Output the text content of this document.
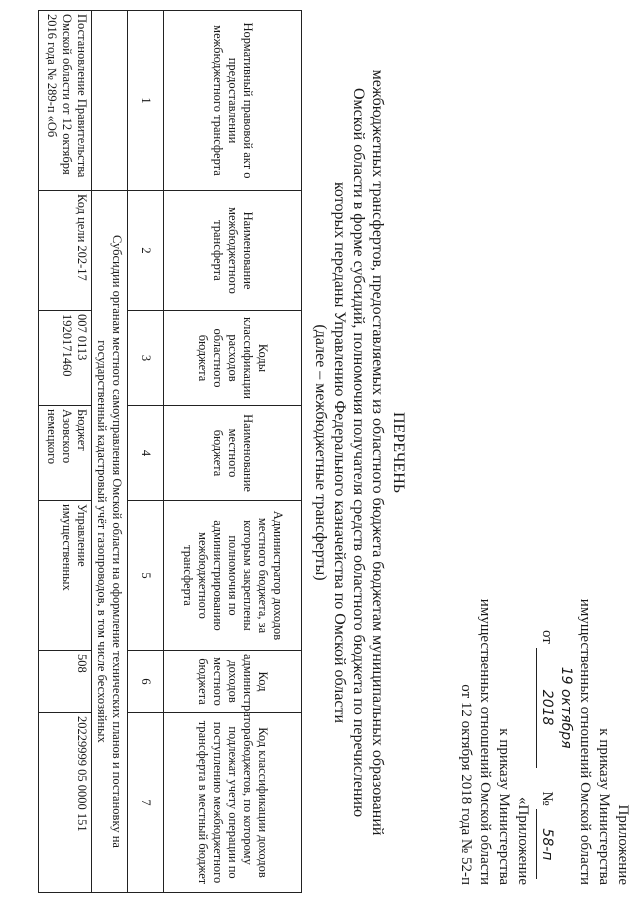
Приложение
к приказу Министерства
имущественных отношений Омской области
от 19 октября 2018 № 58-п
«Приложение
к приказу Министерства
имущественных отношений Омской области
от 12 октября 2018 года № 52-п
ПЕРЕЧЕНЬ
межбюджетных трансфертов, предоставляемых из областного бюджета бюджетам муниципальных образований
Омской области в форме субсидий, полномочия получателя средств областного бюджета по перечислению
которых переданы Управлению Федерального казначейства по Омской области
(далее – межбюджетные трансферты)
Нормативный правовой акт о предоставлении межбюджетного трансферта	Наименование межбюджетного трансферта	Коды классификации расходов областного бюджета	Наименование местного бюджета	Администратор доходов местного бюджета, за которым закреплены полномочия по администрированию межбюджетного трансферта	Код администратора доходов местного бюджета	Код классификации доходов бюджетов, по которому подлежат учету операции по поступлению межбюджетного трансферта в местный бюджет
1	2	3	4	5	6	7
	Субсидии органам местного самоуправления Омской области на оформление технических планов и постановку на государственный кадастровый учёт газопроводов, в том числе бесхозяйных					

Постановление Правительства Омской области от 12 октября 2016 года № 289-п «Об	Код цели 202-17	007 0113 1920171460	Бюджет Азовского немецкого	Управление имущественных	508	20229999 05 0000 151
